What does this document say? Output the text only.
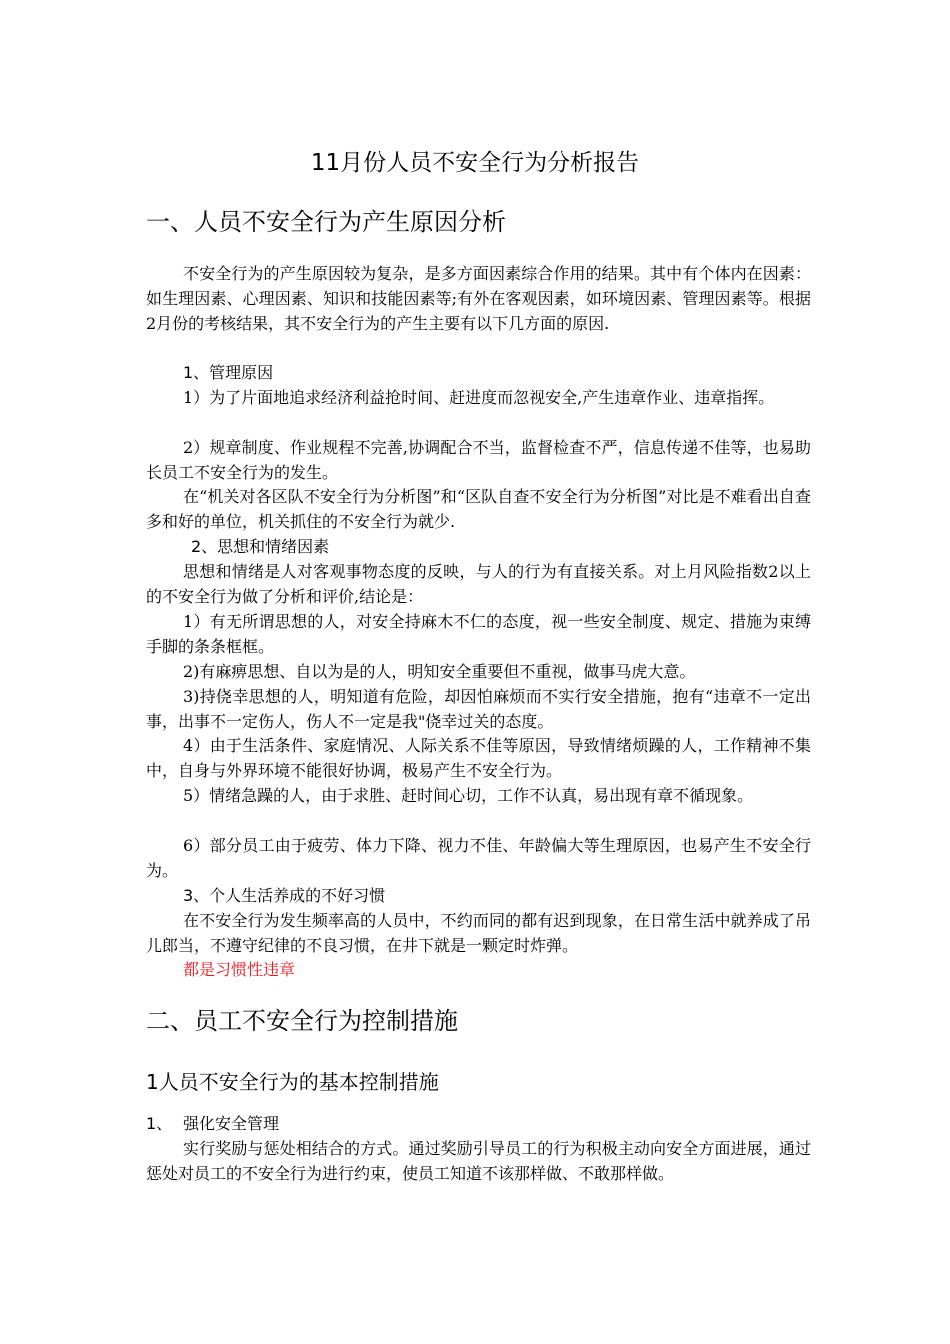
11月份人员不安全行为分析报告
一、人员不安全行为产生原因分析

不安全行为的产生原因较为复杂，是多方面因素综合作用的结果。其中有个体内在因素：如生理因素、心理因素、知识和技能因素等;有外在客观因素，如环境因素、管理因素等。根据2月份的考核结果，其不安全行为的产生主要有以下几方面的原因.

1、管理原因

1）为了片面地追求经济利益抢时间、赶进度而忽视安全,产生违章作业、违章指挥。

2）规章制度、作业规程不完善,协调配合不当，监督检查不严，信息传递不佳等，也易助长员工不安全行为的发生。

在“机关对各区队不安全行为分析图”和“区队自查不安全行为分析图”对比是不难看出自查多和好的单位，机关抓住的不安全行为就少.

2、思想和情绪因素

思想和情绪是人对客观事物态度的反映，与人的行为有直接关系。对上月风险指数2以上的不安全行为做了分析和评价,结论是：

1）有无所谓思想的人，对安全持麻木不仁的态度，视一些安全制度、规定、措施为束缚手脚的条条框框。

2)有麻痹思想、自以为是的人，明知安全重要但不重视，做事马虎大意。

3)持侥幸思想的人，明知道有危险，却因怕麻烦而不实行安全措施，抱有“违章不一定出事，出事不一定伤人，伤人不一定是我"侥幸过关的态度。

4）由于生活条件、家庭情况、人际关系不佳等原因，导致情绪烦躁的人，工作精神不集中，自身与外界环境不能很好协调，极易产生不安全行为。

5）情绪急躁的人，由于求胜、赶时间心切，工作不认真，易出现有章不循现象。

6）部分员工由于疲劳、体力下降、视力不佳、年龄偏大等生理原因，也易产生不安全行为。

3、个人生活养成的不好习惯

在不安全行为发生频率高的人员中，不约而同的都有迟到现象，在日常生活中就养成了吊儿郎当，不遵守纪律的不良习惯，在井下就是一颗定时炸弹。

都是习惯性违章

二、员工不安全行为控制措施
1人员不安全行为的基本控制措施
1、 强化安全管理

实行奖励与惩处相结合的方式。通过奖励引导员工的行为积极主动向安全方面进展，通过惩处对员工的不安全行为进行约束，使员工知道不该那样做、不敢那样做。
